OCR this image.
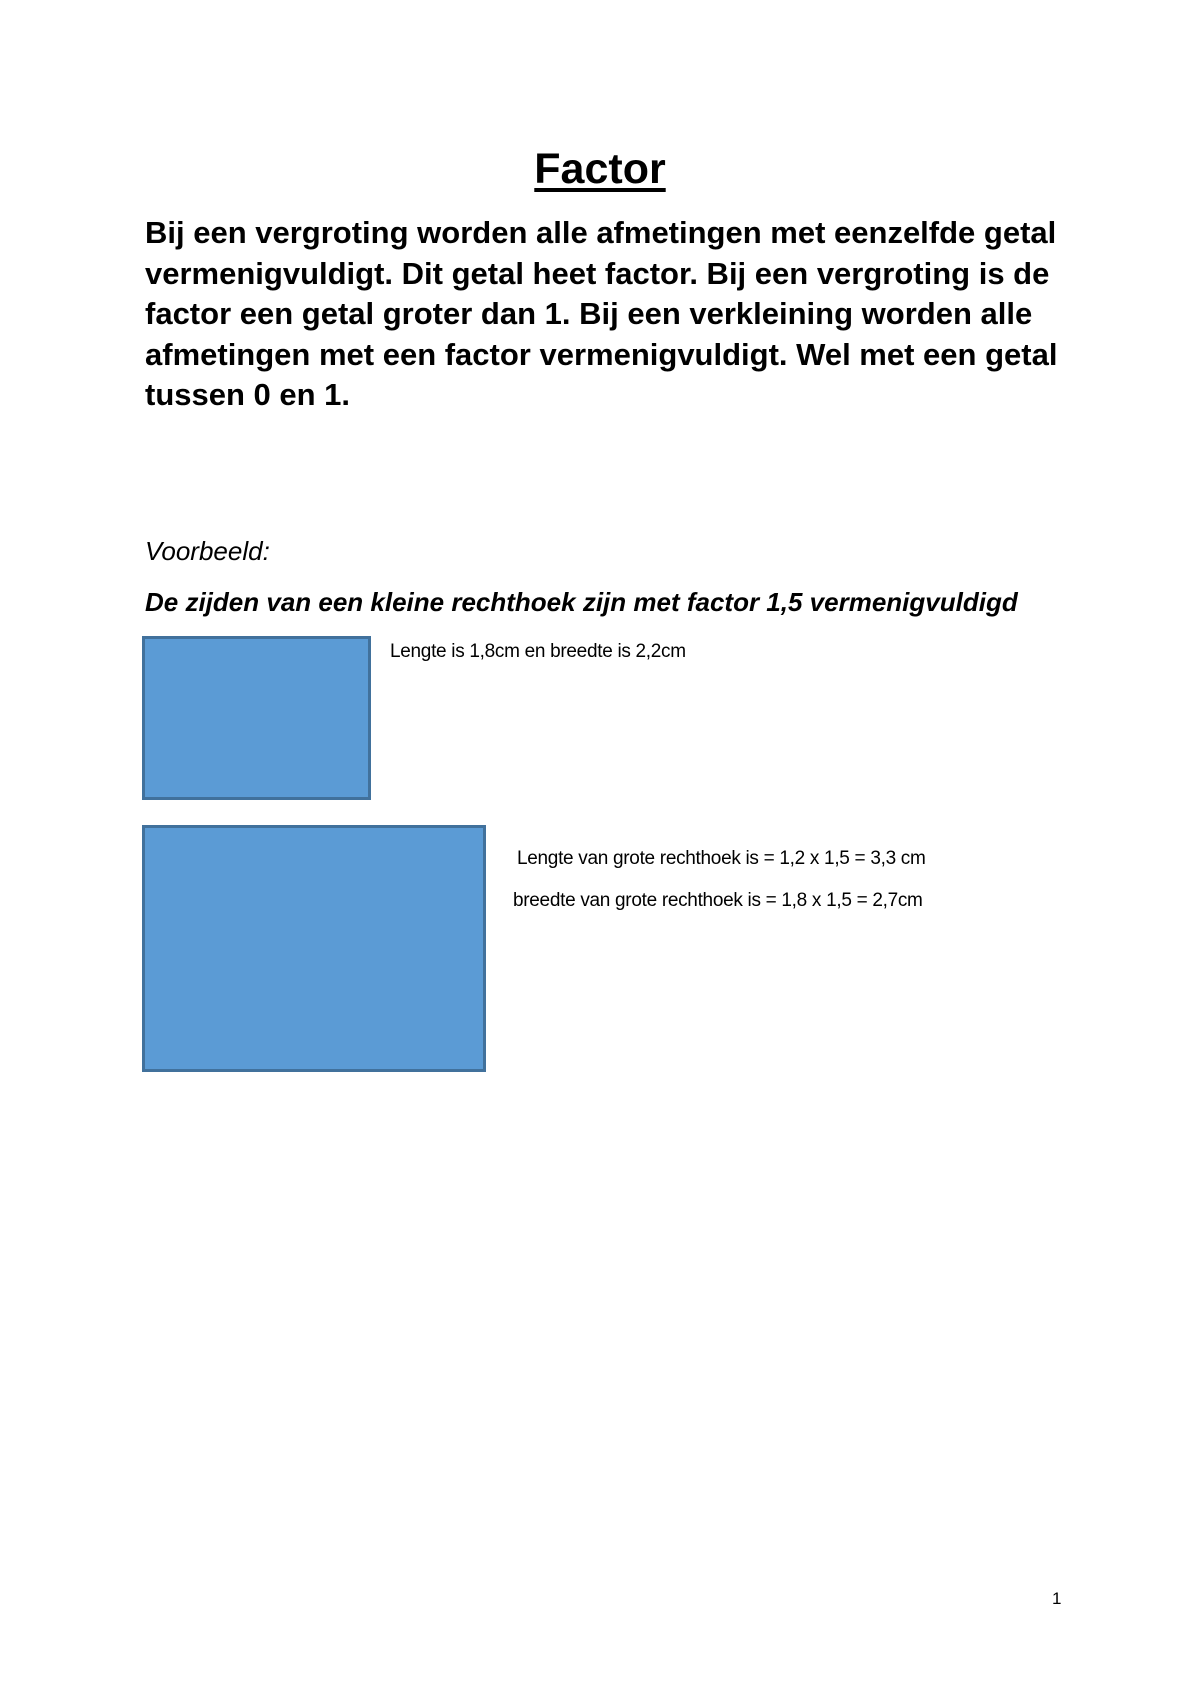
Factor

Bij een vergroting worden alle afmetingen met eenzelfde getal vermenigvuldigt. Dit getal heet factor. Bij een vergroting is de factor een getal groter dan 1. Bij een verkleining worden alle afmetingen met een factor vermenigvuldigt. Wel met een getal tussen 0 en 1.

Voorbeeld:

De zijden van een kleine rechthoek zijn met factor 1,5 vermenigvuldigd

Lengte is 1,8cm en breedte is 2,2cm

Lengte van grote rechthoek is = 1,2 x 1,5 = 3,3 cm

breedte van grote rechthoek is = 1,8 x 1,5 = 2,7cm

1
